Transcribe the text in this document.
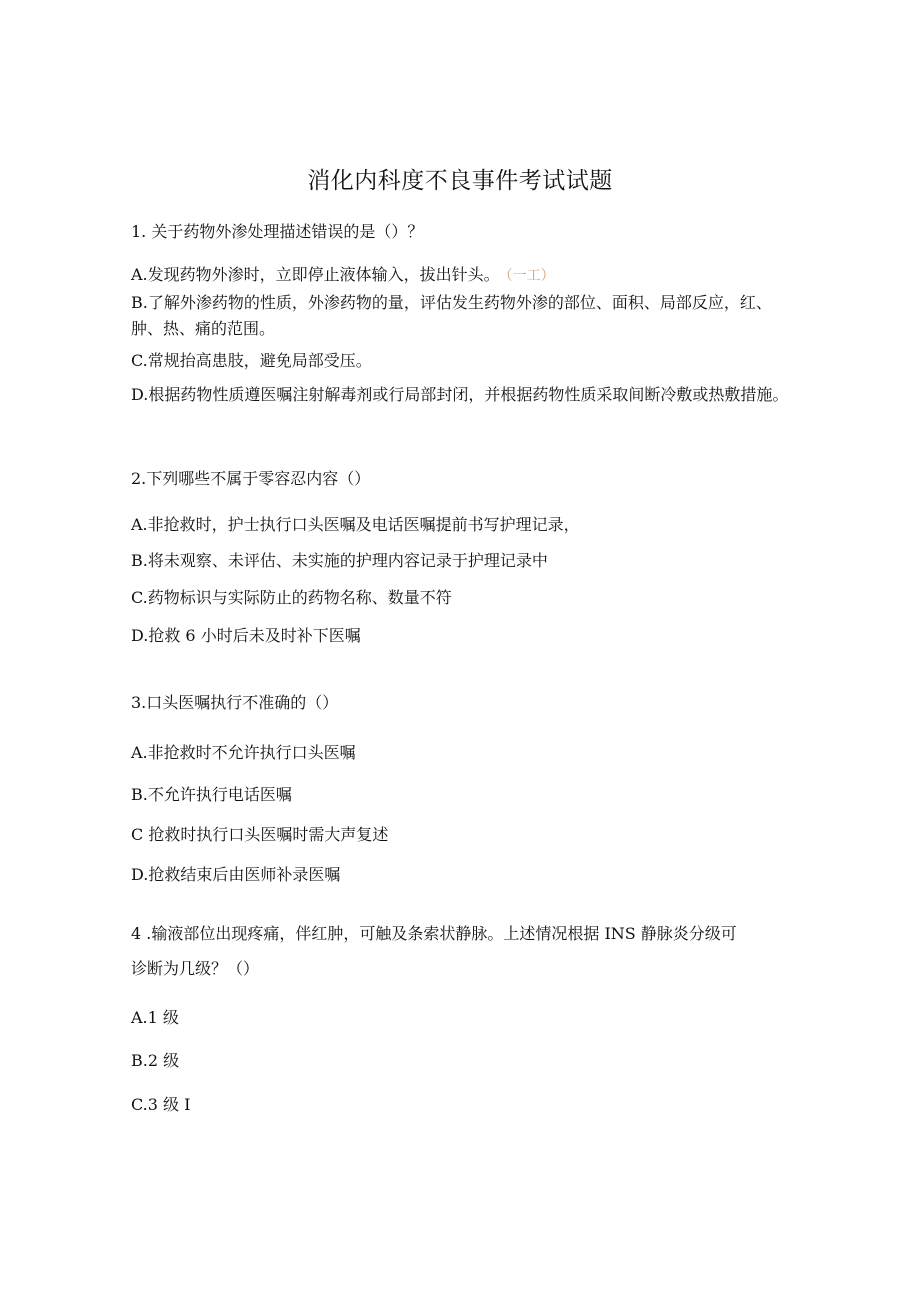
消化内科度不良事件考试试题
1. 关于药物外渗处理描述错误的是（）？
A.发现药物外渗时，立即停止液体输入，拔出针头。 （一工）
B.了解外渗药物的性质，外渗药物的量，评估发生药物外渗的部位、面积、局部反应，红、肿、热、痛的范围。
C.常规抬高患肢，避免局部受压。
D.根据药物性质遵医嘱注射解毒剂或行局部封闭，并根据药物性质采取间断冷敷或热敷措施。
2.下列哪些不属于零容忍内容（）
A.非抢救时，护士执行口头医嘱及电话医嘱提前书写护理记录，
B.将未观察、未评估、未实施的护理内容记录于护理记录中
C.药物标识与实际防止的药物名称、数量不符
D.抢救 6 小时后未及时补下医嘱
3.口头医嘱执行不准确的（）
A.非抢救时不允许执行口头医嘱
B.不允许执行电话医嘱
C 抢救时执行口头医嘱时需大声复述
D.抢救结束后由医师补录医嘱
4 .输液部位出现疼痛，伴红肿，可触及条索状静脉。上述情况根据 INS 静脉炎分级可
诊断为几级？（）
A.1 级
B.2 级
C.3 级 I
